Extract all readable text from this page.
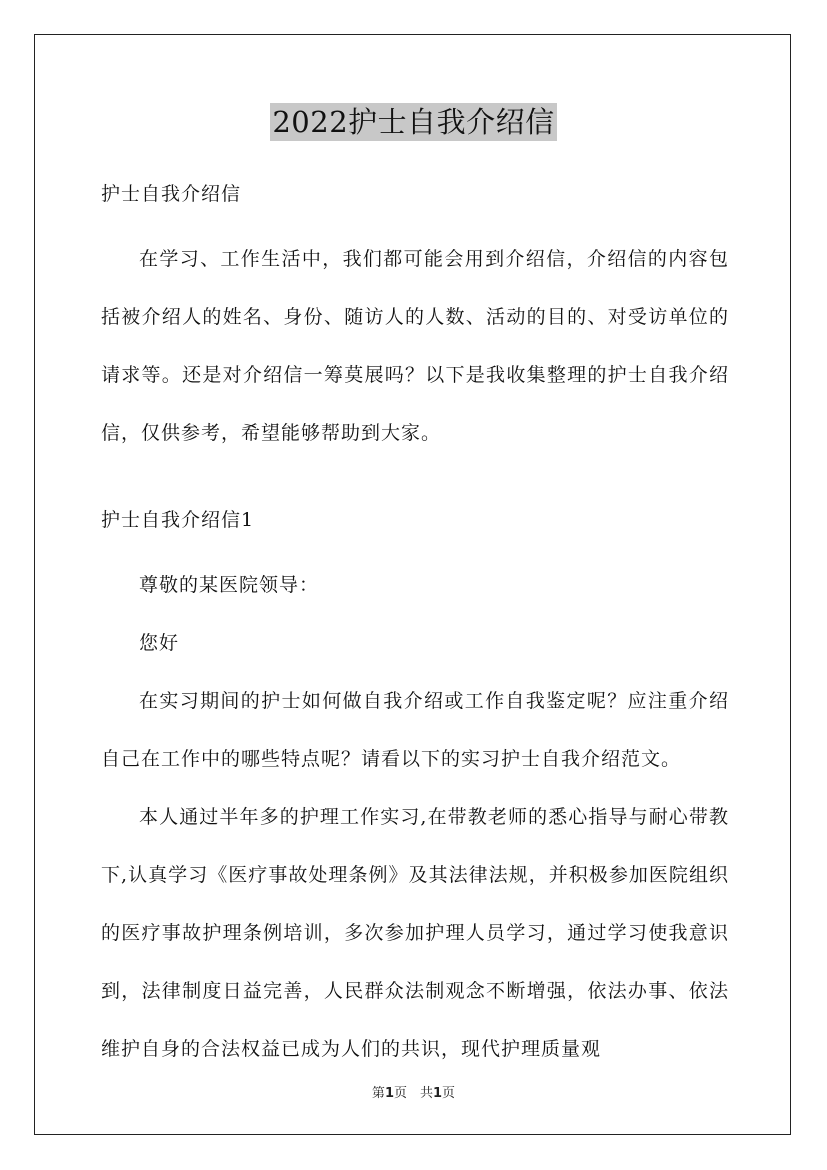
2022护士自我介绍信

护士自我介绍信

在学习、工作生活中，我们都可能会用到介绍信，介绍信的内容包括被介绍人的姓名、身份、随访人的人数、活动的目的、对受访单位的请求等。还是对介绍信一筹莫展吗？以下是我收集整理的护士自我介绍信，仅供参考，希望能够帮助到大家。

护士自我介绍信1

尊敬的某医院领导：

您好

在实习期间的护士如何做自我介绍或工作自我鉴定呢？应注重介绍自己在工作中的哪些特点呢？请看以下的实习护士自我介绍范文。

本人通过半年多的护理工作实习,在带教老师的悉心指导与耐心带教下,认真学习《医疗事故处理条例》及其法律法规，并积极参加医院组织的医疗事故护理条例培训，多次参加护理人员学习，通过学习使我意识到，法律制度日益完善，人民群众法制观念不断增强，依法办事、依法维护自身的合法权益已成为人们的共识，现代护理质量观

第1页　共1页
